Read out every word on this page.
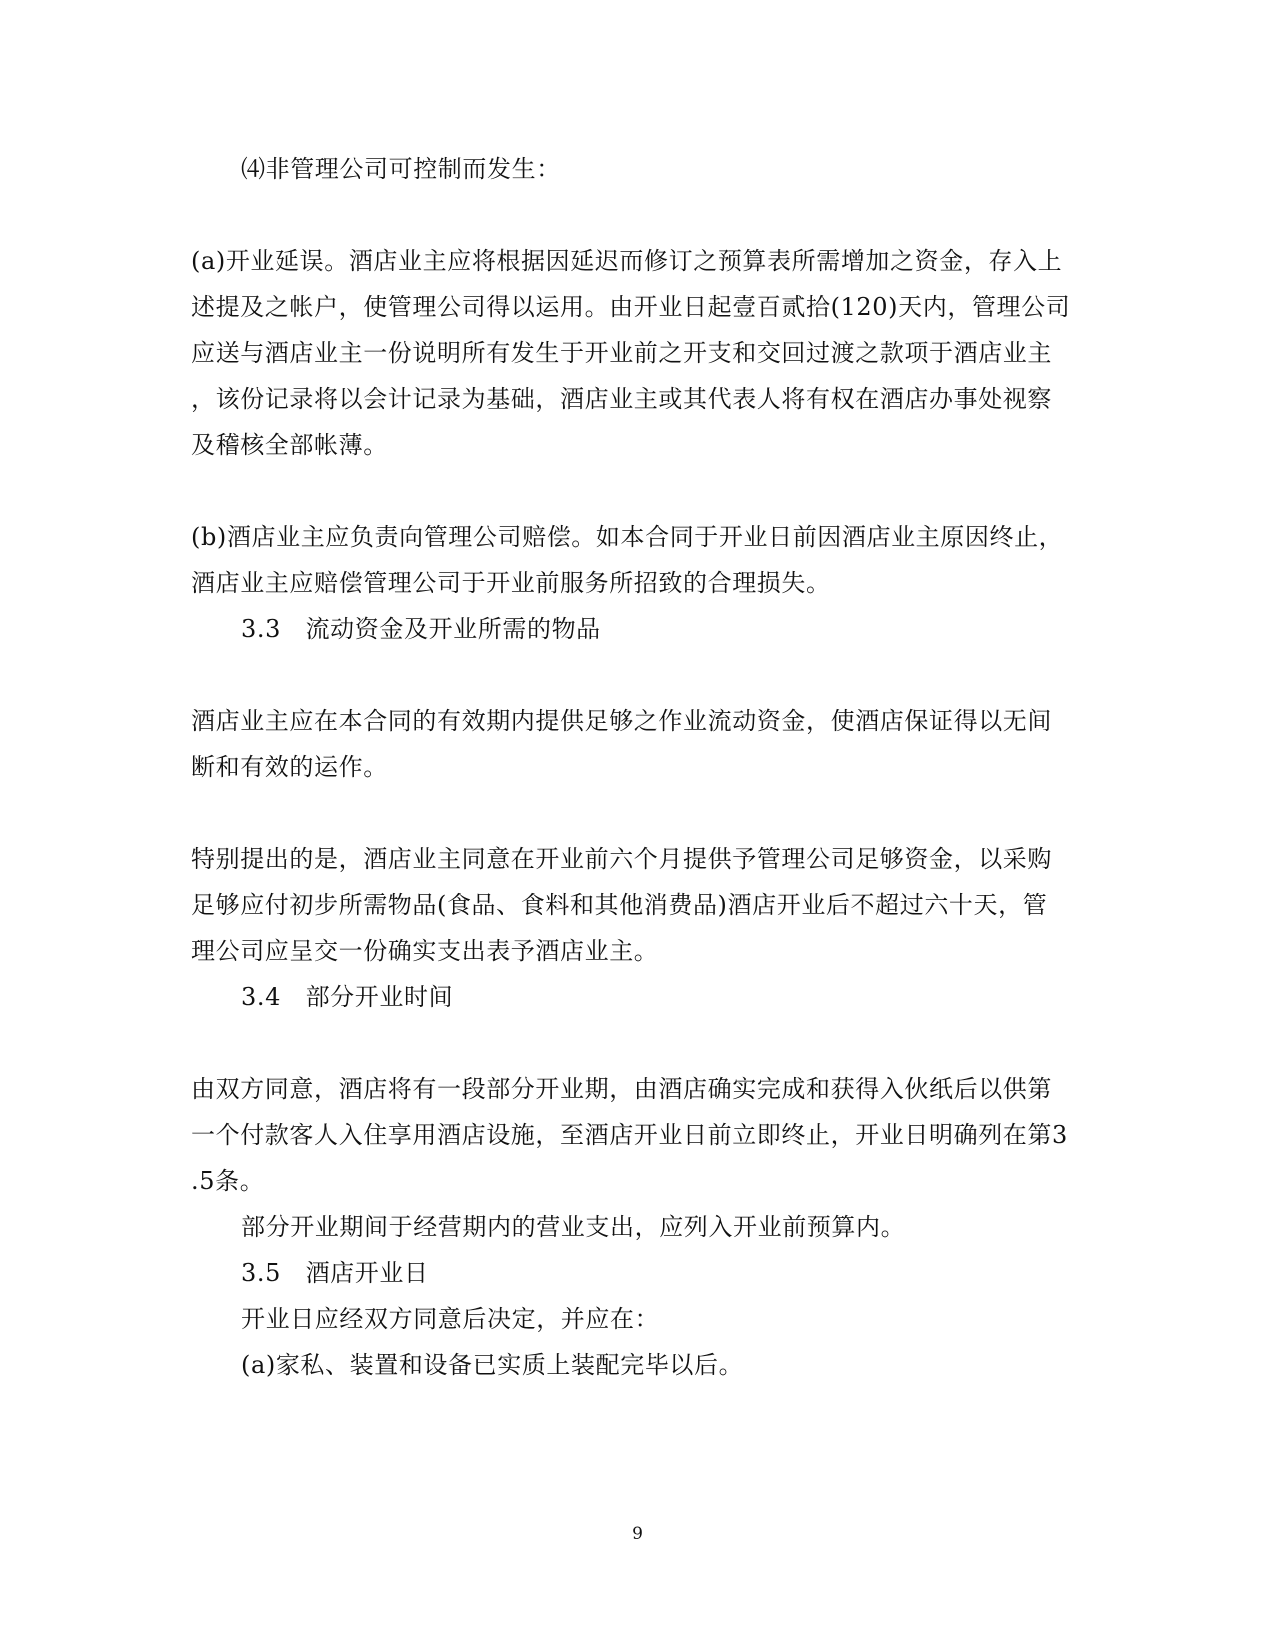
⑷非管理公司可控制而发生：
(a)开业延误。酒店业主应将根据因延迟而修订之预算表所需增加之资金，存入上
述提及之帐户，使管理公司得以运用。由开业日起壹百贰拾(120)天内，管理公司
应送与酒店业主一份说明所有发生于开业前之开支和交回过渡之款项于酒店业主
，该份记录将以会计记录为基础，酒店业主或其代表人将有权在酒店办事处视察
及稽核全部帐薄。
(b)酒店业主应负责向管理公司赔偿。如本合同于开业日前因酒店业主原因终止，
酒店业主应赔偿管理公司于开业前服务所招致的合理损失。
3.3　流动资金及开业所需的物品
酒店业主应在本合同的有效期内提供足够之作业流动资金，使酒店保证得以无间
断和有效的运作。
特别提出的是，酒店业主同意在开业前六个月提供予管理公司足够资金，以采购
足够应付初步所需物品(食品、食料和其他消费品)酒店开业后不超过六十天，管
理公司应呈交一份确实支出表予酒店业主。
3.4　部分开业时间
由双方同意，酒店将有一段部分开业期，由酒店确实完成和获得入伙纸后以供第
一个付款客人入住享用酒店设施，至酒店开业日前立即终止，开业日明确列在第3
.5条。
部分开业期间于经营期内的营业支出，应列入开业前预算内。
3.5　酒店开业日
开业日应经双方同意后决定，并应在：
(a)家私、装置和设备已实质上装配完毕以后。
9
